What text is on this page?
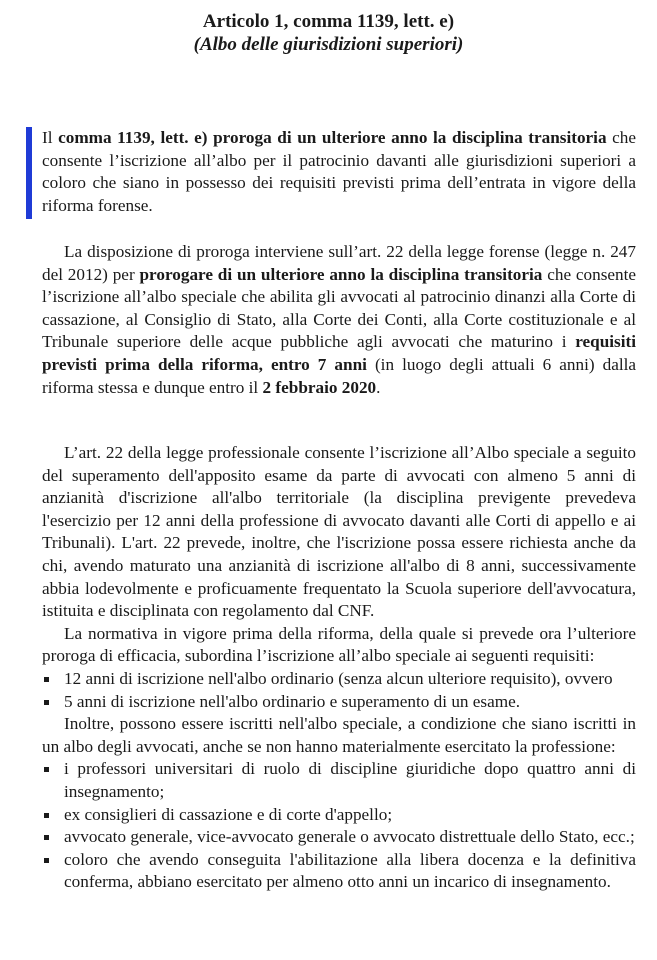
Articolo 1, comma 1139, lett. e)
(Albo delle giurisdizioni superiori)

Il comma 1139, lett. e) proroga di un ulteriore anno la disciplina transitoria che consente l’iscrizione all’albo per il patrocinio davanti alle giurisdizioni superiori a coloro che siano in possesso dei requisiti previsti prima dell’entrata in vigore della riforma forense.

La disposizione di proroga interviene sull’art. 22 della legge forense (legge n. 247 del 2012) per prorogare di un ulteriore anno la disciplina transitoria che consente l’iscrizione all’albo speciale che abilita gli avvocati al patrocinio dinanzi alla Corte di cassazione, al Consiglio di Stato, alla Corte dei Conti, alla Corte costituzionale e al Tribunale superiore delle acque pubbliche agli avvocati che maturino i requisiti previsti prima della riforma, entro 7 anni (in luogo degli attuali 6 anni) dalla riforma stessa e dunque entro il 2 febbraio 2020.

L’art. 22 della legge professionale consente l’iscrizione all’Albo speciale a seguito del superamento dell'apposito esame da parte di avvocati con almeno 5 anni di anzianità d'iscrizione all'albo territoriale (la disciplina previgente prevedeva l'esercizio per 12 anni della professione di avvocato davanti alle Corti di appello e ai Tribunali). L'art. 22 prevede, inoltre, che l'iscrizione possa essere richiesta anche da chi, avendo maturato una anzianità di iscrizione all'albo di 8 anni, successivamente abbia lodevolmente e proficuamente frequentato la Scuola superiore dell'avvocatura, istituita e disciplinata con regolamento dal CNF.

La normativa in vigore prima della riforma, della quale si prevede ora l’ulteriore proroga di efficacia, subordina l’iscrizione all’albo speciale ai seguenti requisiti:

12 anni di iscrizione nell'albo ordinario (senza alcun ulteriore requisito), ovvero
5 anni di iscrizione nell'albo ordinario e superamento di un esame.

Inoltre, possono essere iscritti nell'albo speciale, a condizione che siano iscritti in un albo degli avvocati, anche se non hanno materialmente esercitato la professione:

i professori universitari di ruolo di discipline giuridiche dopo quattro anni di insegnamento;
ex consiglieri di cassazione e di corte d'appello;
avvocato generale, vice-avvocato generale o avvocato distrettuale dello Stato, ecc.;
coloro che avendo conseguita l'abilitazione alla libera docenza e la definitiva conferma, abbiano esercitato per almeno otto anni un incarico di insegnamento.
